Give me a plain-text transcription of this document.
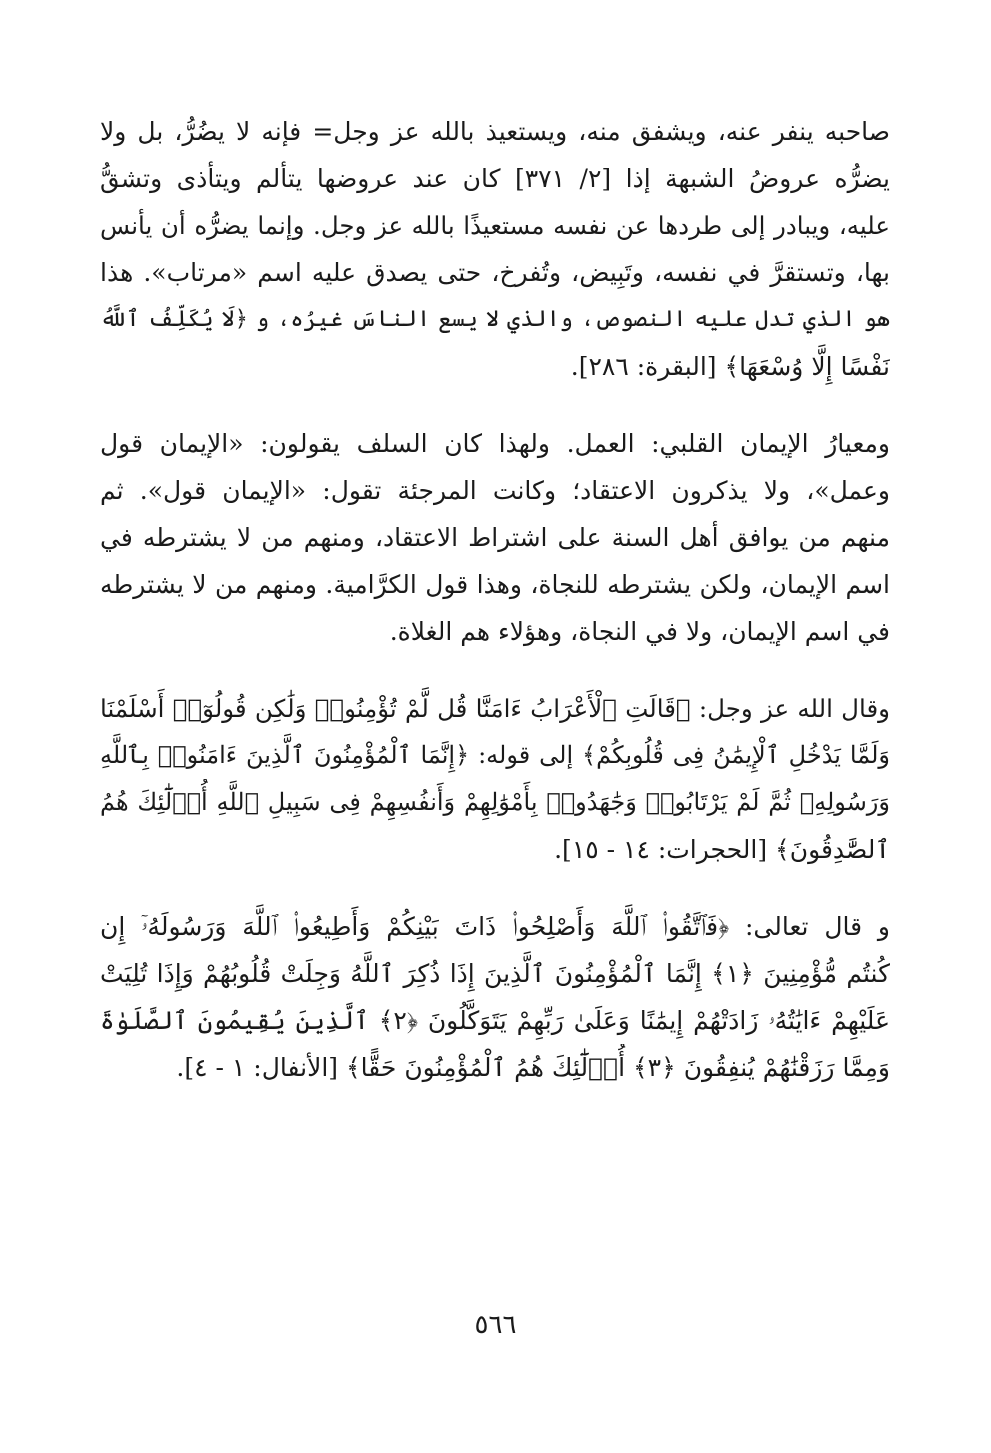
صاحبه ينفر عنه، ويشفق منه، ويستعيذ بالله عز وجل= فإنه لا يضُرُّ، بل ولا
يضرُّه عروضُ الشبهة إذا [٢/ ٣٧١] كان عند عروضها يتألم ويتأذى وتشقُّ
عليه، ويبادر إلى طردها عن نفسه مستعيذًا بالله عز وجل. وإنما يضرُّه أن يأنس
بها، وتستقرَّ في نفسه، وتَبِيض، وتُفرخ، حتى يصدق عليه اسم «مرتاب». هذا
هو الذي تدل عليه النصوص، والذي لا يسع الناسَ غيرُه، و ﴿لَا يُكَلِّفُ ٱللَّهُ
نَفْسًا إِلَّا وُسْعَهَا﴾ [البقرة: ٢٨٦].
ومعيارُ الإيمان القلبي: العمل. ولهذا كان السلف يقولون: «الإيمان قول
وعمل»، ولا يذكرون الاعتقاد؛ وكانت المرجئة تقول: «الإيمان قول». ثم
منهم من يوافق أهل السنة على اشتراط الاعتقاد، ومنهم من لا يشترطه في
اسم الإيمان، ولكن يشترطه للنجاة، وهذا قول الكرَّامية. ومنهم من لا يشترطه
في اسم الإيمان، ولا في النجاة، وهؤلاء هم الغلاة.
وقال الله عز وجل: ﴿قَالَتِ ٱلْأَعْرَابُ ءَامَنَّا قُل لَّمْ تُؤْمِنُوا۟ وَلَٰكِن قُولُوٓا۟ أَسْلَمْنَا
وَلَمَّا يَدْخُلِ ٱلْإِيمَٰنُ فِى قُلُوبِكُمْ﴾ إلى قوله: ﴿إِنَّمَا ٱلْمُؤْمِنُونَ ٱلَّذِينَ ءَامَنُوا۟ بِٱللَّهِ
وَرَسُولِهِۦ ثُمَّ لَمْ يَرْتَابُوا۟ وَجَٰهَدُوا۟ بِأَمْوَٰلِهِمْ وَأَنفُسِهِمْ فِى سَبِيلِ ٱللَّهِ أُو۟لَٰٓئِكَ هُمُ
ٱلصَّٰدِقُونَ﴾ [الحجرات: ١٤ - ١٥].
و قال تعالى: ﴿فَٱتَّقُوا۟ ٱللَّهَ وَأَصْلِحُوا۟ ذَاتَ بَيْنِكُمْ وَأَطِيعُوا۟ ٱللَّهَ وَرَسُولَهُۥٓ إِن
كُنتُم مُّؤْمِنِينَ ﴿١﴾ إِنَّمَا ٱلْمُؤْمِنُونَ ٱلَّذِينَ إِذَا ذُكِرَ ٱللَّهُ وَجِلَتْ قُلُوبُهُمْ وَإِذَا تُلِيَتْ
عَلَيْهِمْ ءَايَٰتُهُۥ زَادَتْهُمْ إِيمَٰنًا وَعَلَىٰ رَبِّهِمْ يَتَوَكَّلُونَ ﴿٢﴾ ٱلَّذِينَ يُقِيمُونَ ٱلصَّلَوٰةَ
وَمِمَّا رَزَقْنَٰهُمْ يُنفِقُونَ ﴿٣﴾ أُو۟لَٰٓئِكَ هُمُ ٱلْمُؤْمِنُونَ حَقًّا﴾ [الأنفال: ١ - ٤].
٥٦٦
